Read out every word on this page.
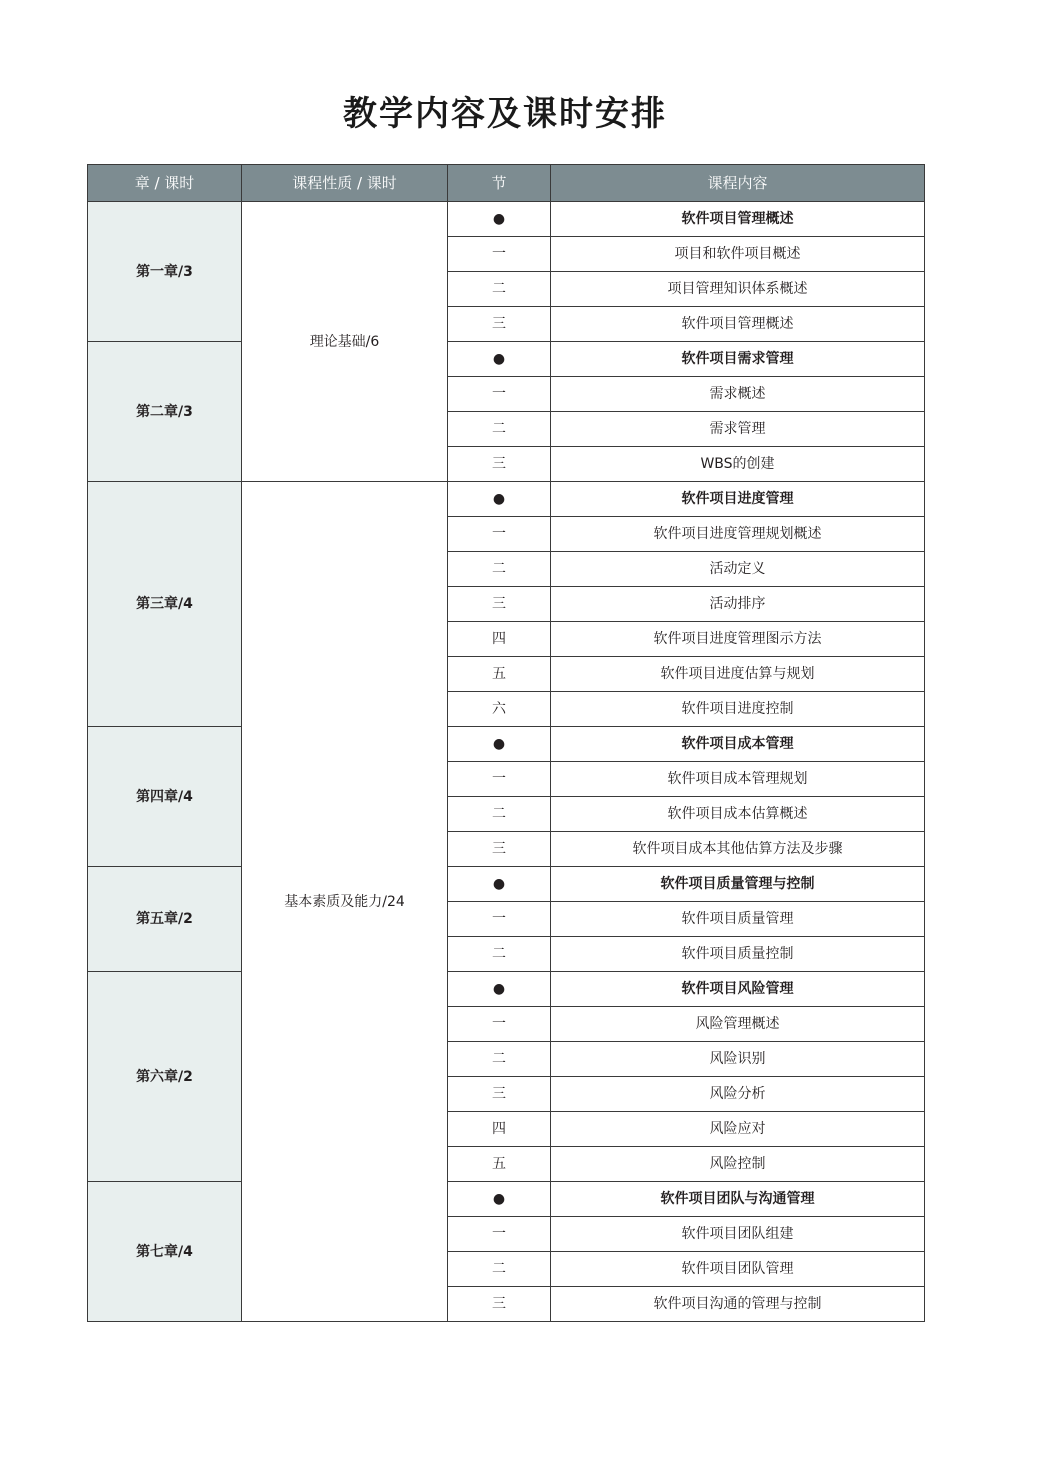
教学内容及课时安排
章 / 课时	课程性质 / 课时	节	课程内容
第一章/3	理论基础/6	●	软件项目管理概述
		一	项目和软件项目概述
		二	项目管理知识体系概述
		三	软件项目管理概述
第二章/3		●	软件项目需求管理
		一	需求概述
		二	需求管理
		三	WBS的创建
第三章/4	基本素质及能力/24	●	软件项目进度管理
		一	软件项目进度管理规划概述
		二	活动定义
		三	活动排序
		四	软件项目进度管理图示方法
		五	软件项目进度估算与规划
		六	软件项目进度控制
第四章/4		●	软件项目成本管理
		一	软件项目成本管理规划
		二	软件项目成本估算概述
		三	软件项目成本其他估算方法及步骤
第五章/2		●	软件项目质量管理与控制
		一	软件项目质量管理
		二	软件项目质量控制
第六章/2		●	软件项目风险管理
		一	风险管理概述
		二	风险识别
		三	风险分析
		四	风险应对
		五	风险控制
第七章/4		●	软件项目团队与沟通管理
		一	软件项目团队组建
		二	软件项目团队管理
		三	软件项目沟通的管理与控制
